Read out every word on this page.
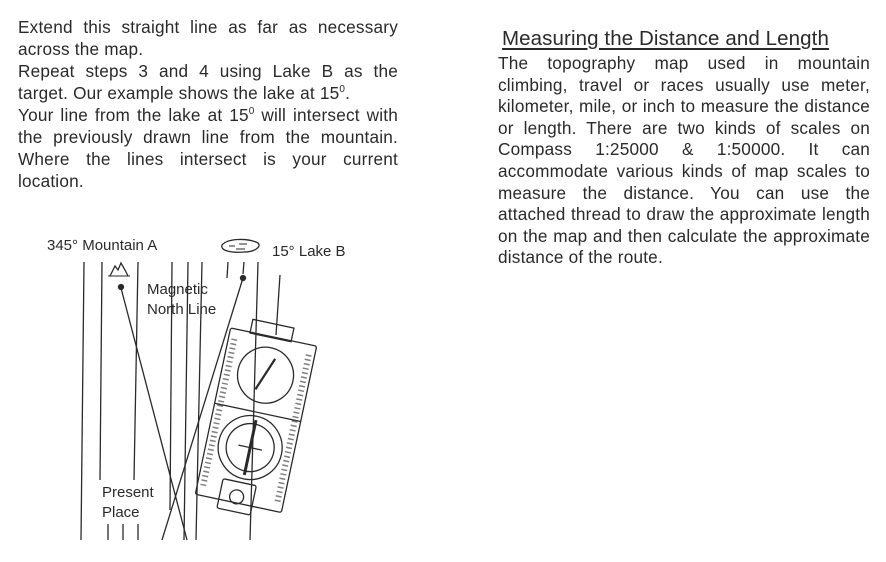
Extend this straight line as far as necessary across the map.

Repeat steps 3 and 4 using Lake B as the target. Our example shows the lake at $15^0$.

Your line from the lake at $15^0$ will intersect with the previously drawn line from the mountain. Where the lines intersect is your current location.

Measuring the Distance and Length

The topography map used in mountain climbing, travel or races usually use meter, kilometer, mile, or inch to measure the distance or length. There are two kinds of scales on Compass 1:25000 & 1:50000. It can accommodate various kinds of map scales to measure the distance. You can use the attached thread to draw the approximate length on the map and then calculate the approximate distance of the route.

345° Mountain A	15° Lake B
Magnetic
North Line
Present
Place
